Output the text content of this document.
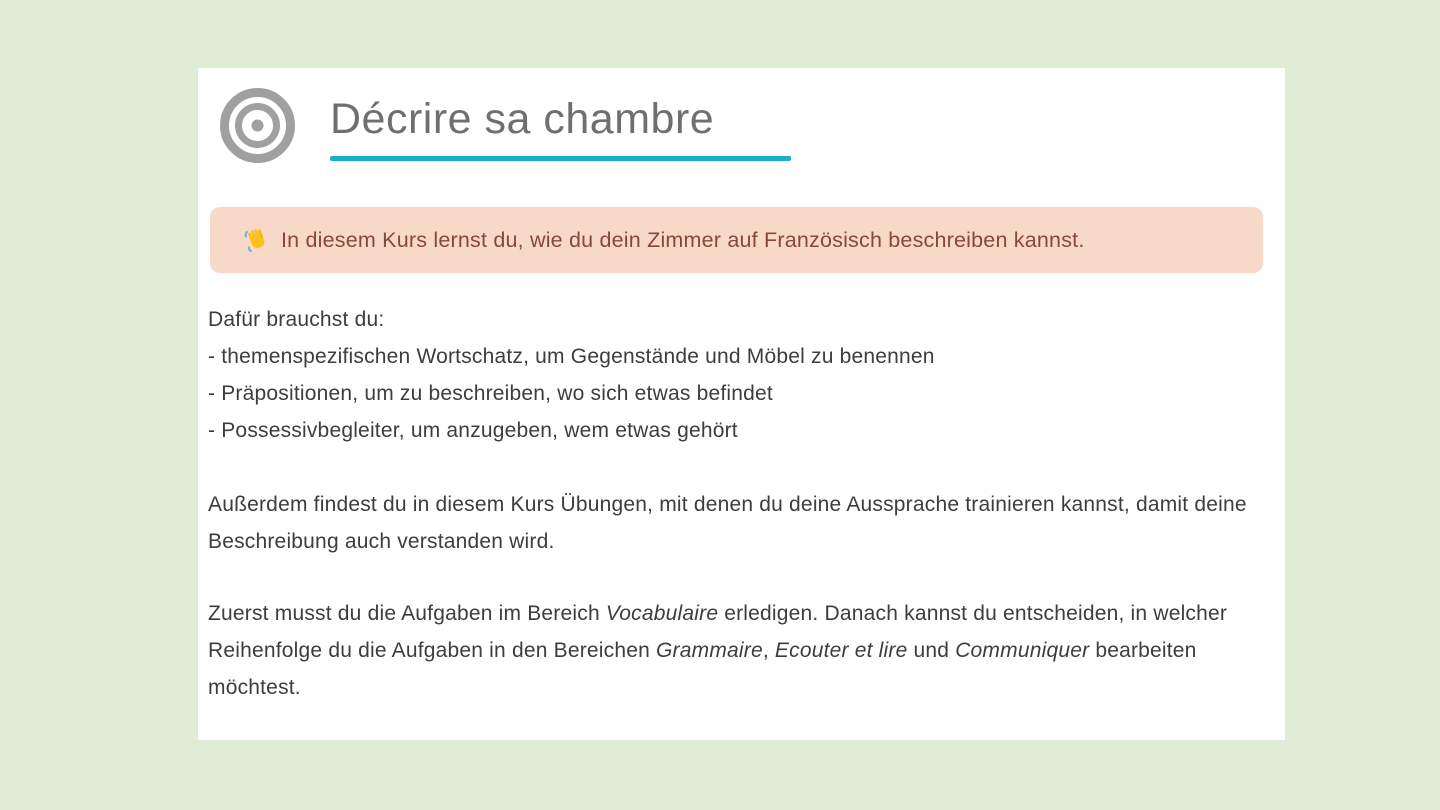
Décrire sa chambre
In diesem Kurs lernst du, wie du dein Zimmer auf Französisch beschreiben kannst.

Dafür brauchst du:

- themenspezifischen Wortschatz, um Gegenstände und Möbel zu benennen

- Präpositionen, um zu beschreiben, wo sich etwas befindet

- Possessivbegleiter, um anzugeben, wem etwas gehört

Außerdem findest du in diesem Kurs Übungen, mit denen du deine Aussprache trainieren kannst, damit deine Beschreibung auch verstanden wird.

Zuerst musst du die Aufgaben im Bereich Vocabulaire erledigen. Danach kannst du entscheiden, in welcher Reihenfolge du die Aufgaben in den Bereichen Grammaire, Ecouter et lire und Communiquer bearbeiten möchtest.
